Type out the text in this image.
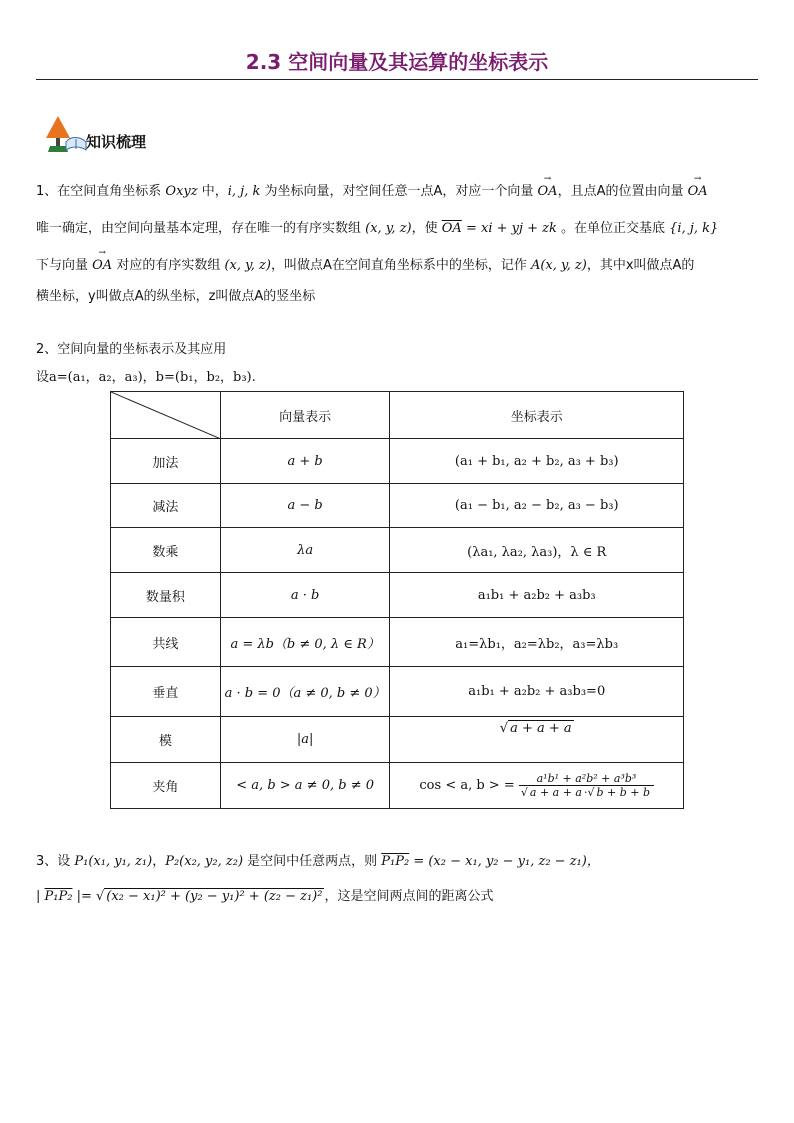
2.3 空间向量及其运算的坐标表示
知识梳理
1、在空间直角坐标系 Oxyz 中，i, j, k 为坐标向量，对空间任意一点A，对应一个向量 OA →，且点A的位置由向量 OA →
唯一确定，由空间向量基本定理，存在唯一的有序实数组 (x, y, z)，使 $\overline{OA}$ = xi + yj + zk 。在单位正交基底 {i, j, k}
下与向量 OA → 对应的有序实数组 (x, y, z)，叫做点A在空间直角坐标系中的坐标，记作 A(x, y, z)，其中x叫做点A的
横坐标，y叫做点A的纵坐标，z叫做点A的竖坐标
2、空间向量的坐标表示及其应用
设a=(a₁，a₂，a₃)，b=(b₁，b₂，b₃).
	向量表示	坐标表示
加法	a + b	(a₁ + b₁, a₂ + b₂, a₃ + b₃)
减法	a − b	(a₁ − b₁, a₂ − b₂, a₃ − b₃)
数乘	λa	(λa₁, λa₂, λa₃)，λ ∈ R
数量积	a · b	a₁b₁ + a₂b₂ + a₃b₃
共线	a = λb（b ≠ 0, λ ∈ R）	a₁=λb₁，a₂=λb₂，a₃=λb₃
垂直	a · b = 0（a ≠ 0, b ≠ 0）	a₁b₁ + a₂b₂ + a₃b₃=0
模	|a|	√ a + a + a
夹角	< a, b > a ≠ 0, b ≠ 0	cos < a, b > = $\frac{\text{a¹b¹ + a²b² + a³b³}}{√ a + a + a \cdot√ b + b + b}$
3、设 P₁(x₁, y₁, z₁)，P₂(x₂, y₂, z₂) 是空间中任意两点，则 P₁P₂ = (x₂ − x₁, y₂ − y₁, z₂ − z₁)，
| P₁P₂ |= √ (x₂ − x₁)² + (y₂ − y₁)² + (z₂ − z₁)² ，这是空间两点间的距离公式
